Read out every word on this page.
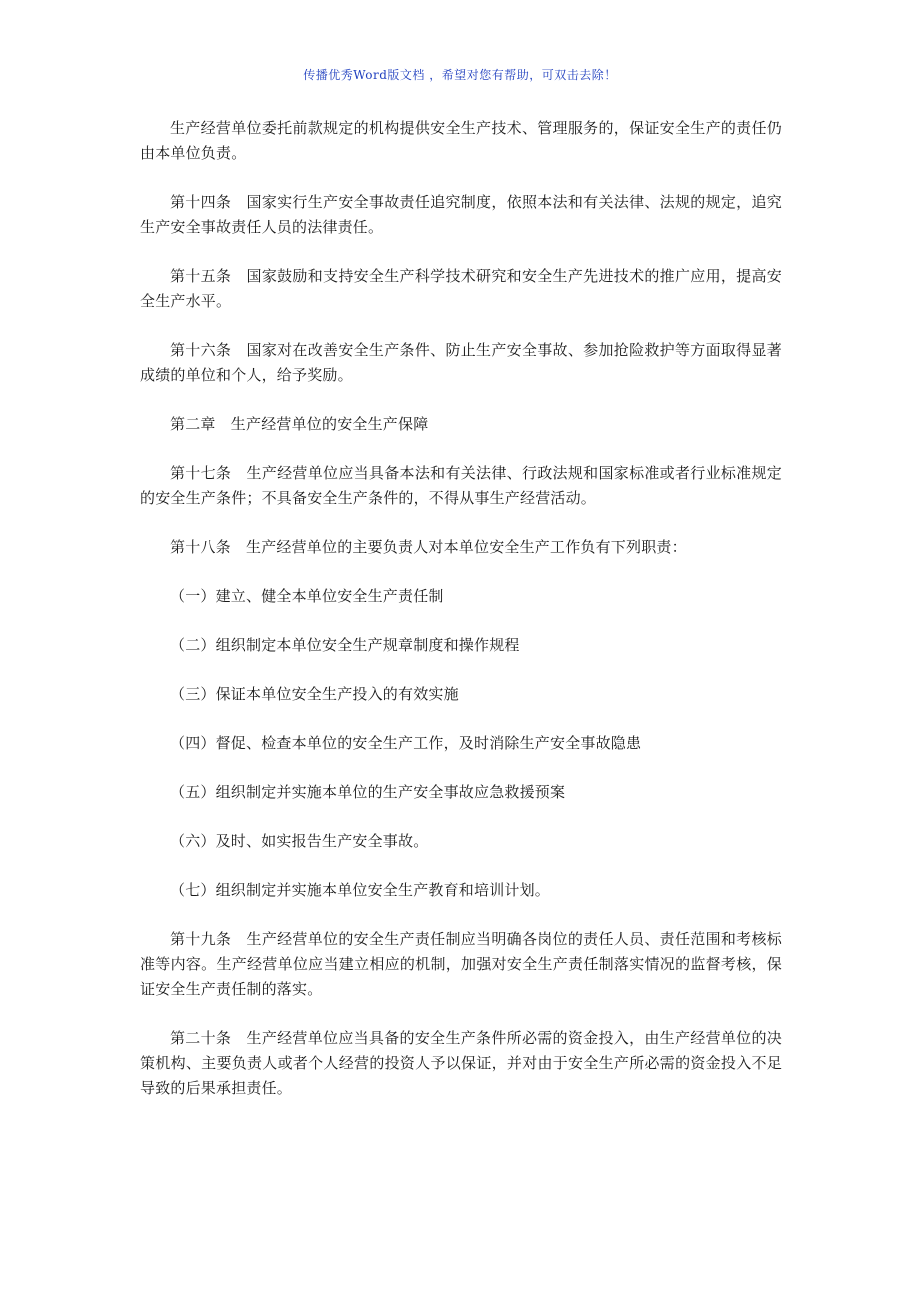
传播优秀Word版文档 ，希望对您有帮助，可双击去除！

生产经营单位委托前款规定的机构提供安全生产技术、管理服务的，保证安全生产的责任仍由本单位负责。

第十四条　国家实行生产安全事故责任追究制度，依照本法和有关法律、法规的规定，追究生产安全事故责任人员的法律责任。

第十五条　国家鼓励和支持安全生产科学技术研究和安全生产先进技术的推广应用，提高安全生产水平。

第十六条　国家对在改善安全生产条件、防止生产安全事故、参加抢险救护等方面取得显著成绩的单位和个人，给予奖励。

第二章　生产经营单位的安全生产保障

第十七条　生产经营单位应当具备本法和有关法律、行政法规和国家标准或者行业标准规定的安全生产条件；不具备安全生产条件的，不得从事生产经营活动。

第十八条　生产经营单位的主要负责人对本单位安全生产工作负有下列职责：

（一）建立、健全本单位安全生产责任制

（二）组织制定本单位安全生产规章制度和操作规程

（三）保证本单位安全生产投入的有效实施

（四）督促、检查本单位的安全生产工作，及时消除生产安全事故隐患

（五）组织制定并实施本单位的生产安全事故应急救援预案

（六）及时、如实报告生产安全事故。

（七）组织制定并实施本单位安全生产教育和培训计划。

第十九条　生产经营单位的安全生产责任制应当明确各岗位的责任人员、责任范围和考核标准等内容。生产经营单位应当建立相应的机制，加强对安全生产责任制落实情况的监督考核，保证安全生产责任制的落实。

第二十条　生产经营单位应当具备的安全生产条件所必需的资金投入，由生产经营单位的决策机构、主要负责人或者个人经营的投资人予以保证，并对由于安全生产所必需的资金投入不足导致的后果承担责任。
